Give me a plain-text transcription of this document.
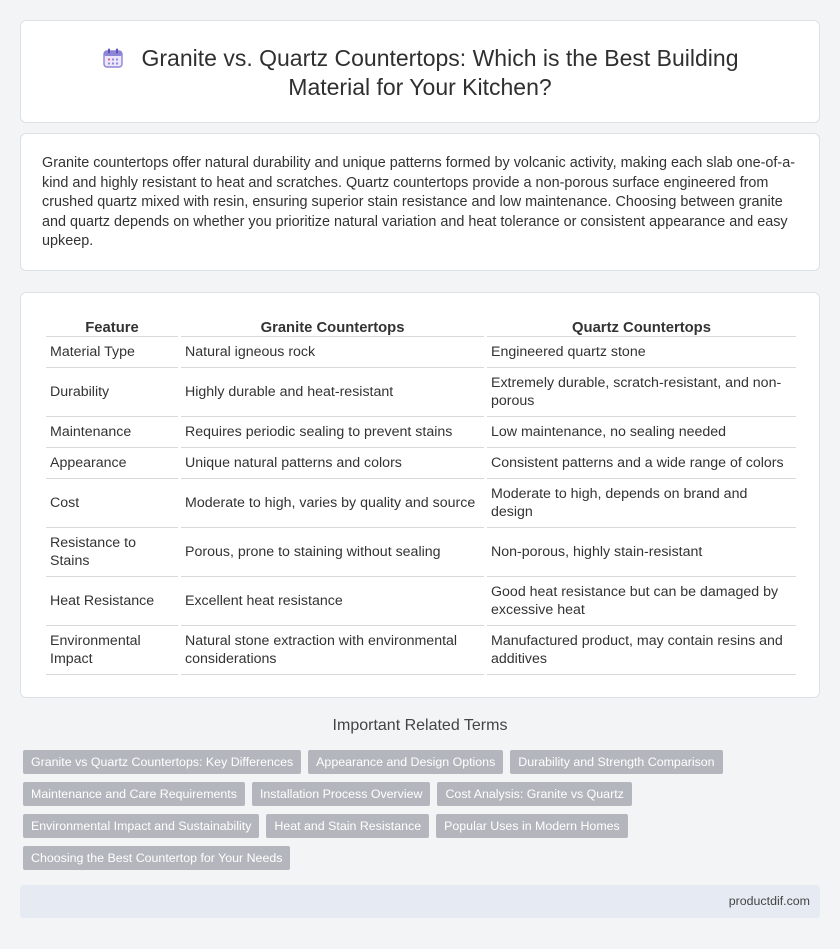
Granite vs. Quartz Countertops: Which is the Best Building Material for Your Kitchen?

Granite countertops offer natural durability and unique patterns formed by volcanic activity, making each slab one-of-a-kind and highly resistant to heat and scratches. Quartz countertops provide a non-porous surface engineered from crushed quartz mixed with resin, ensuring superior stain resistance and low maintenance. Choosing between granite and quartz depends on whether you prioritize natural variation and heat tolerance or consistent appearance and easy upkeep.

Feature	Granite Countertops	Quartz Countertops
Material Type	Natural igneous rock	Engineered quartz stone
Durability	Highly durable and heat-resistant	Extremely durable, scratch-resistant, and non-porous
Maintenance	Requires periodic sealing to prevent stains	Low maintenance, no sealing needed
Appearance	Unique natural patterns and colors	Consistent patterns and a wide range of colors
Cost	Moderate to high, varies by quality and source	Moderate to high, depends on brand and design
Resistance to Stains	Porous, prone to staining without sealing	Non-porous, highly stain-resistant
Heat Resistance	Excellent heat resistance	Good heat resistance but can be damaged by excessive heat
Environmental Impact	Natural stone extraction with environmental considerations	Manufactured product, may contain resins and additives
Important Related Terms
Granite vs Quartz Countertops: Key Differences	Appearance and Design Options	Durability and Strength Comparison
Maintenance and Care Requirements	Installation Process Overview	Cost Analysis: Granite vs Quartz
Environmental Impact and Sustainability	Heat and Stain Resistance	Popular Uses in Modern Homes
Choosing the Best Countertop for Your Needs
productdif.com
